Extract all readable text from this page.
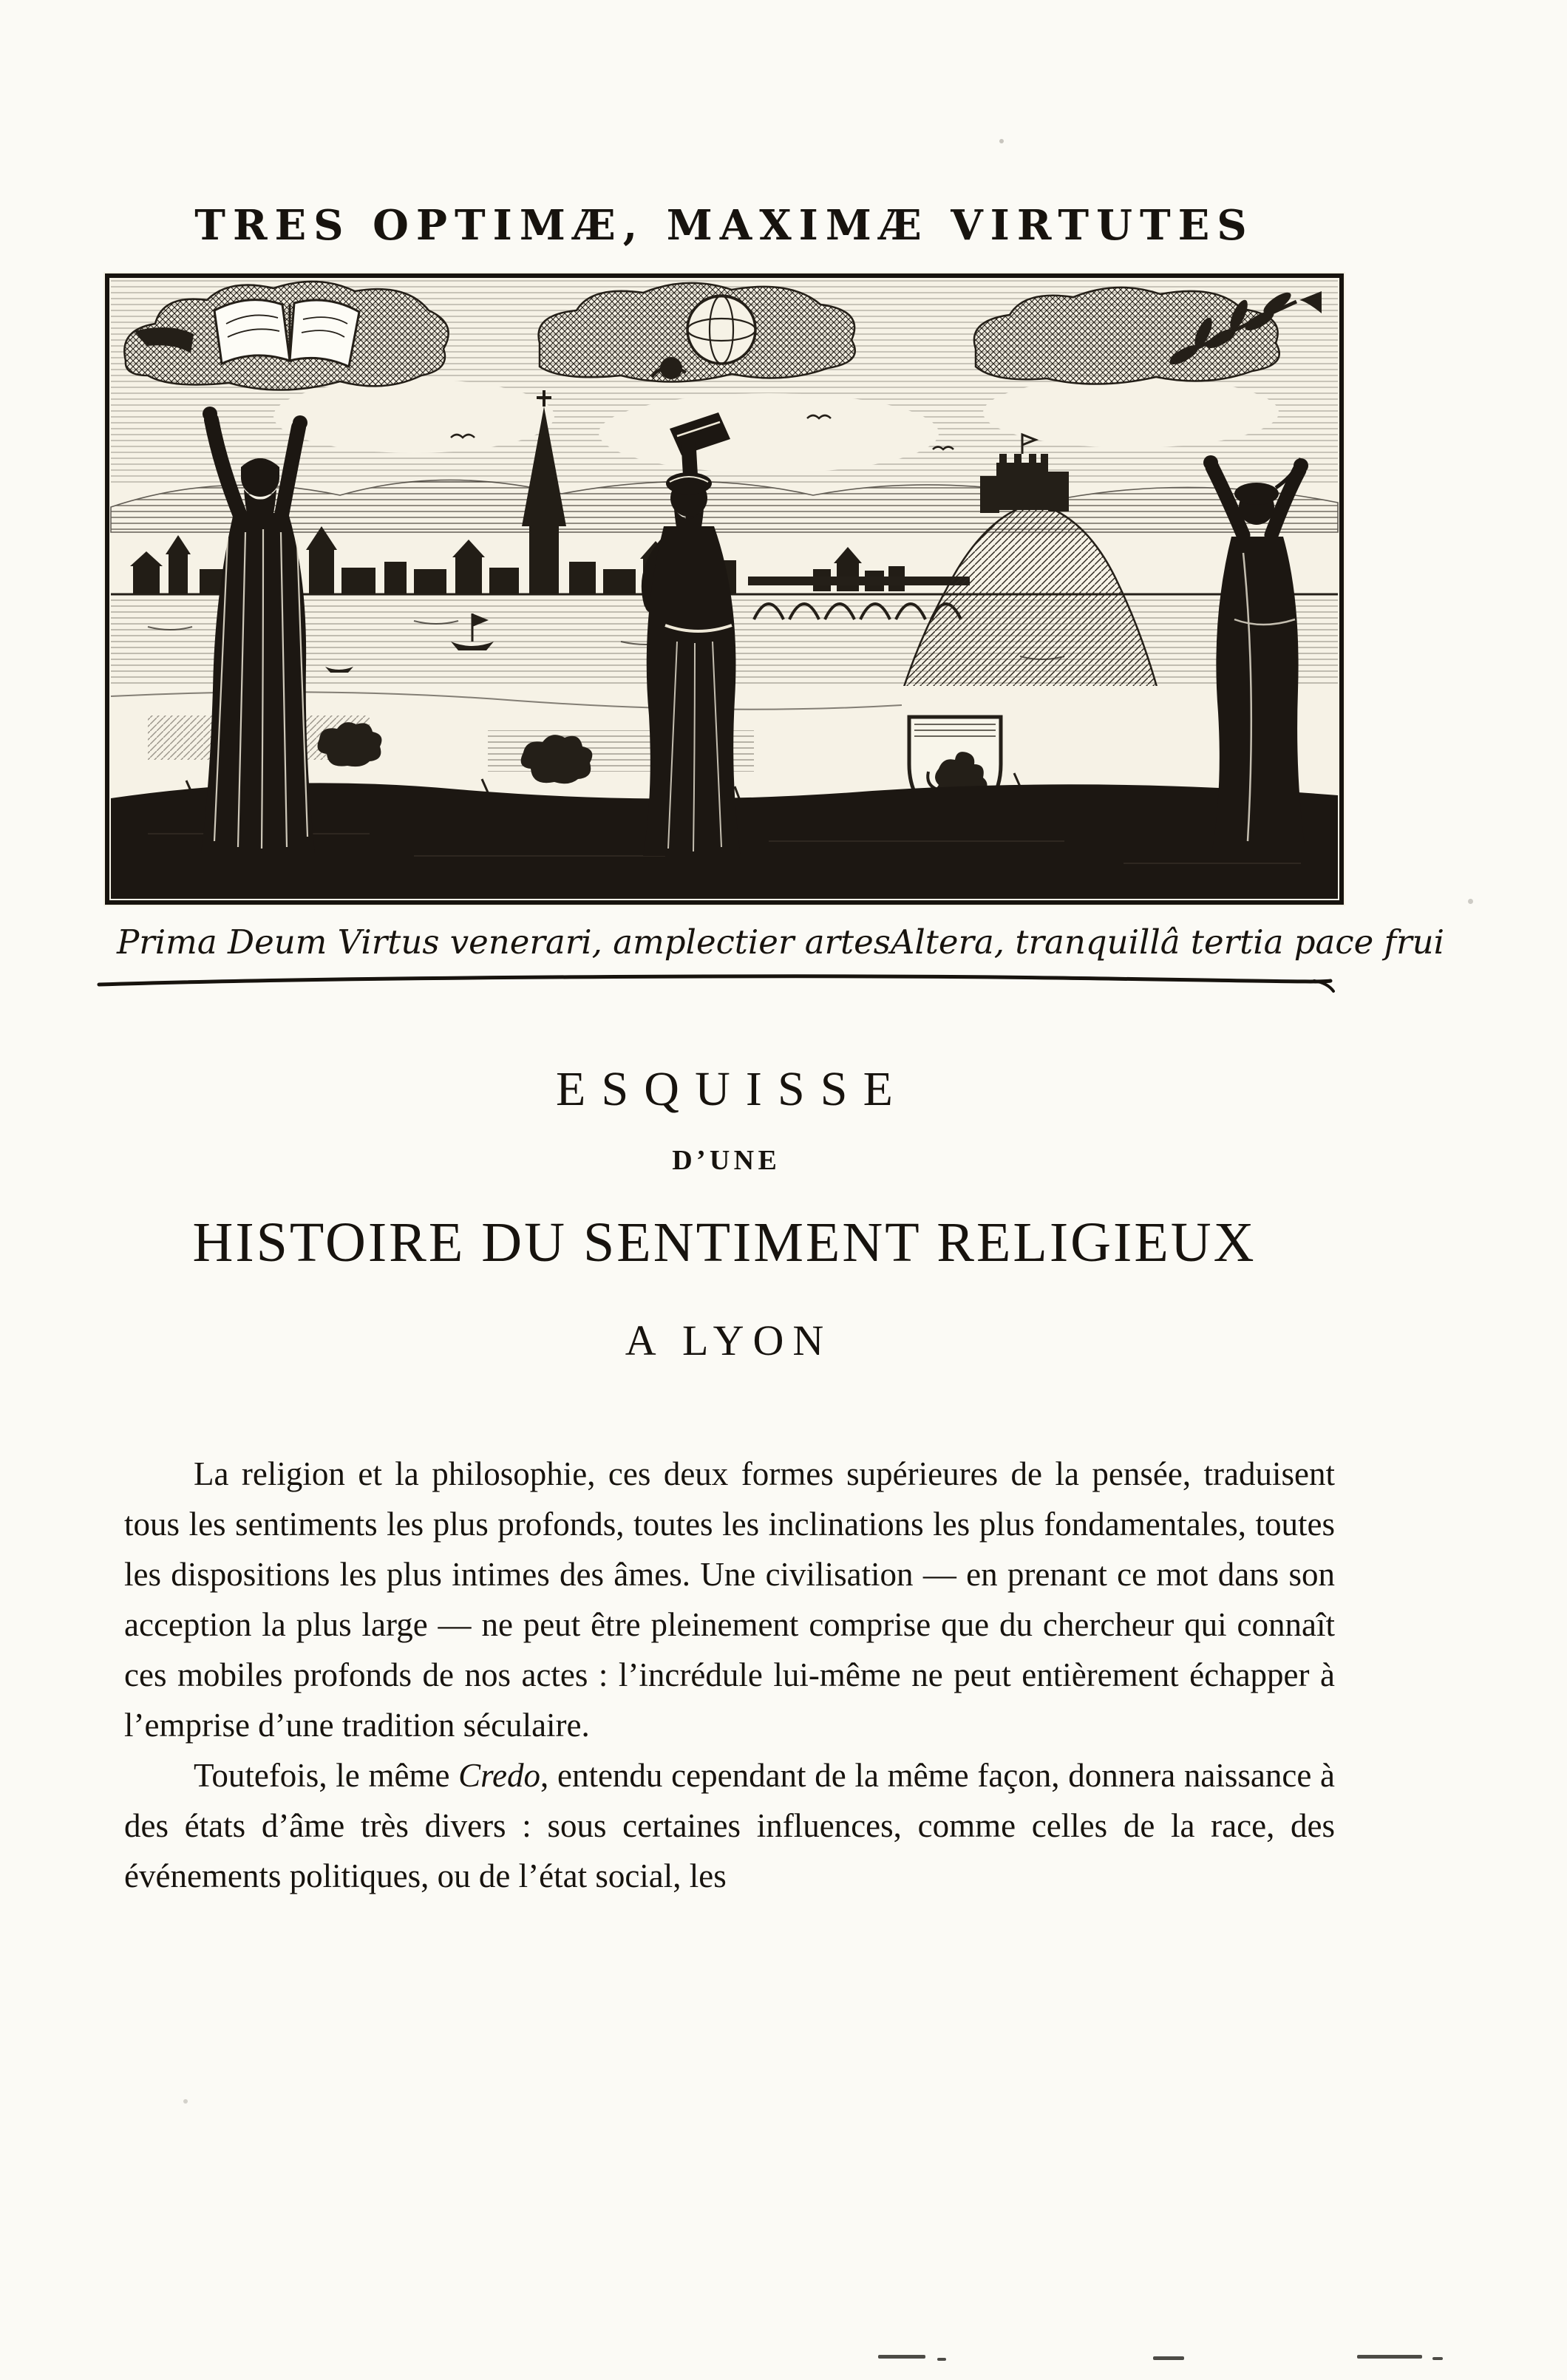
TRES OPTIMÆ, MAXIMÆ VIRTUTES
Prima Deum Virtus venerari, amplectier artes Altera, tranquillâ tertia pace frui
ESQUISSE
D’UNE
HISTOIRE DU SENTIMENT RELIGIEUX
A LYON

La religion et la philosophie, ces deux formes supérieures de la pensée, traduisent tous les sentiments les plus profonds, toutes les inclinations les plus fondamentales, toutes les dispositions les plus intimes des âmes. Une civilisation — en prenant ce mot dans son acception la plus large — ne peut être pleinement comprise que du chercheur qui connaît ces mobiles profonds de nos actes : l’incrédule lui-même ne peut entièrement échapper à l’emprise d’une tradition séculaire.

Toutefois, le même Credo, entendu cependant de la même façon, donnera naissance à des états d’âme très divers : sous certaines influences, comme celles de la race, des événements politiques, ou de l’état social, les
